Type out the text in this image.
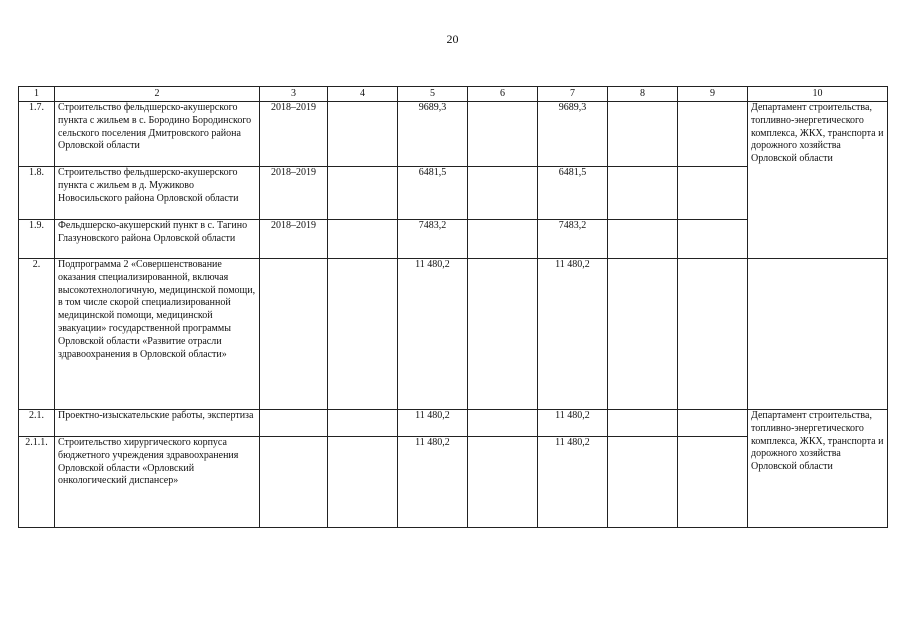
20
1	2	3	4	5	6	7	8	9	10
1.7.	Строительство фельдшерско-акушерского пункта с жильем в с. Бородино Бородинского сельского поселения Дмитровского района Орловской области	2018–2019		9689,3		9689,3			Департамент строительства, топливно-энергетического комплекса, ЖКХ, транспорта и дорожного хозяйства Орловской области
1.8.	Строительство фельдшерско-акушерского пункта с жильем в д. Мужиково Новосильского района Орловской области	2018–2019		6481,5		6481,5			
1.9.	Фельдшерско-акушерский пункт в с. Тагино Глазуновского района Орловской области	2018–2019		7483,2		7483,2			
2.	Подпрограмма 2 «Совершенствование оказания специализированной, включая высокотехнологичную, медицинской помощи, в том числе скорой специализированной медицинской помощи, медицинской эвакуации» государственной программы Орловской области «Развитие отрасли здравоохранения в Орловской области»			11 480,2		11 480,2			
2.1.	Проектно-изыскательские работы, экспертиза			11 480,2		11 480,2			Департамент строительства, топливно-энергетического комплекса, ЖКХ, транспорта и дорожного хозяйства Орловской области
2.1.1.	Строительство хирургического корпуса бюджетного учреждения здравоохранения Орловской области «Орловский онкологический диспансер»			11 480,2		11 480,2			
